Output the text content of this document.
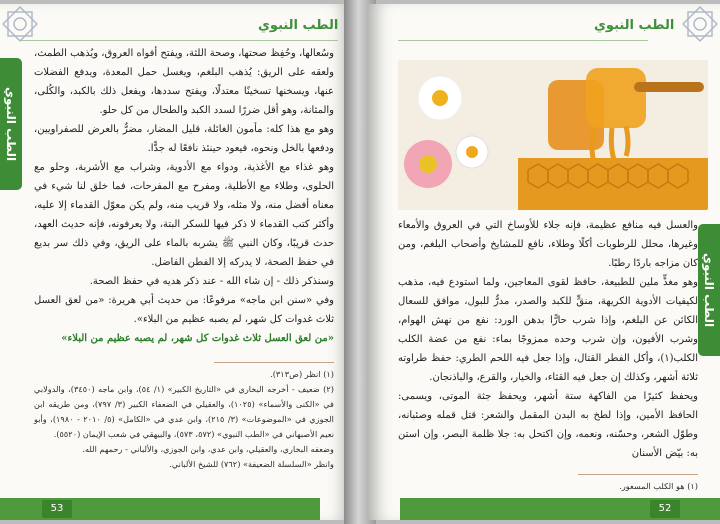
الطب النبوي
الطب النبوي

وسُعالها، وحُفِظ صحتها، وصحة اللثة، ويفتح أفواه العروق، ويُذهب الطمث، ولعقه على الريق: يُذهب البلغم، ويغسل حمل المعدة، ويدفع الفضلات عنها، ويسخنها تسخينًا معتدلًا، ويفتح سددها، ويفعل ذلك بالكبد، والكُلى، والمثانة، وهو أقل ضررًا لسدد الكبد والطحال من كل حلو.

وهو مع هذا كله: مأمون الغائلة، قليل المضار، مضرٌّ بالعرض للصفراويين، ودفعها بالخل ونحوه، فيعود حينئذ نافعًا له جدًّا.

وهو غذاء مع الأغذية، ودواء مع الأدوية، وشراب مع الأشربة، وحلو مع الحلوى، وطلاء مع الأطلية، ومفرح مع المفرحات، فما خلق لنا شيء في معناه أفضل منه، ولا مثله، ولا قريب منه، ولم يكن معوّل القدماء إلا عليه، وأكثر كتب القدماء لا ذكر فيها للسكر البتة، ولا يعرفونه، فإنه حديث العهد، حدث قريبًا، وكان النبي ﷺ يشربه بالماء على الريق، وفي ذلك سر بديع في حفظ الصحة، لا يدركه إلا الفطن الفاضل.

وسنذكر ذلك - إن شاء الله - عند ذكر هديه في حفظ الصحة.

وفي «سنن ابن ماجه» مرفوعًا: من حديث أبي هريرة: «من لعق العسل ثلاث غدوات كل شهر، لم يصبه عظيم من البلاء».

«من لعق العسل ثلاث غدوات كل شهر، لم يصبه عظيم من البلاء»

(١) انظر (ص٣١٣).

(٢) ضعيف - أخرجه البخاري في «التاريخ الكبير» (١/ ٥٤)، وابن ماجه (٣٤٥٠)، والدولابي في «الكنى والأسماء» (١٠٢٥)، والعقيلي في الضعفاء الكبير (٣/ ٧٩٧)، ومن طريقه ابن الجوزي في «الموضوعات» (٣/ ٢١٥)، وابن عدي في «الكامل» (٥/ ٢٠١٠ - ١٩٨٠)، وأبو نعيم الأصبهاني في «الطب النبوي» (٥٧٢، ٥٧٣)، والبيهقي في شعب الإيمان (٥٥٢٠).

وضعفه البخاري، والعقيلي، وابن عدي، وابن الجوزي، والألباني - رحمهم الله.

وانظر «السلسلة الضعيفة» (٧٦٢) للشيخ الألباني.

53
الطب النبوي
الطب النبوي

والعسل فيه منافع عظيمة، فإنه جلاء للأوساخ التي في العروق والأمعاء وغيرها، محلل للرطوبات أكلًا وطلاء، نافع للمشايخ وأصحاب البلغم، ومن كان مزاجه باردًا رطبًا.

وهو مغذٍّ ملين للطبيعة، حافظ لقوى المعاجين، ولما استودع فيه، مذهب لكيفيات الأدوية الكريهة، منقٍّ للكبد والصدر، مدرٌّ للبول، موافق للسعال الكائن عن البلغم، وإذا شرب حارًّا بدهن الورد: نفع من نهش الهوام، وشرب الأفيون، وإن شرب وحده ممزوجًا بماء: نفع من عضة الكلب الكلب(١)، وأكل الفطر القتال، وإذا جعل فيه اللحم الطري: حفظ طراوته ثلاثة أشهر، وكذلك إن جعل فيه القثاء، والخيار، والقرع، والباذنجان.

ويحفظ كثيرًا من الفاكهة ستة أشهر، ويحفظ جثة الموتى، ويسمى: الحافظ الأمين، وإذا لطخ به البدن المقمل والشعر: قتل قمله وصئبانه، وطوّل الشعر، وحسّنه، ونعمه، وإن اكتحل به: جلا ظلمة البصر، وإن استن به: بيّض الأسنان

(١) هو الكلب المسعور.

52
